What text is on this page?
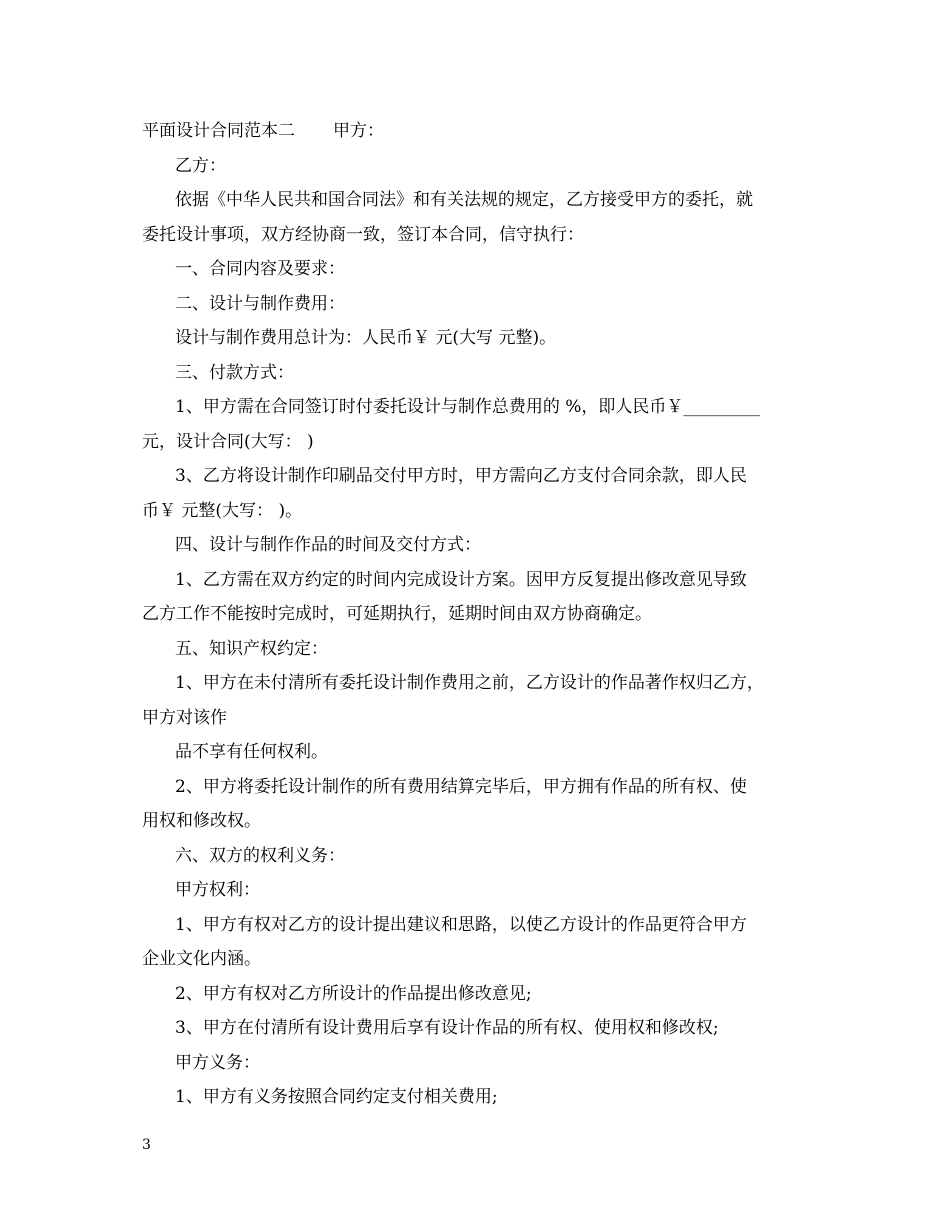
平面设计合同范本二 甲方：
乙方：
依据《中华人民共和国合同法》和有关法规的规定，乙方接受甲方的委托，就
委托设计事项，双方经协商一致，签订本合同，信守执行：
一、合同内容及要求：
二、设计与制作费用：
设计与制作费用总计为：人民币￥ 元(大写 元整)。
三、付款方式：
1、甲方需在合同签订时付委托设计与制作总费用的 %，即人民币￥_________
元，设计合同(大写： )
3、乙方将设计制作印刷品交付甲方时，甲方需向乙方支付合同余款，即人民
币￥ 元整(大写： )。
四、设计与制作作品的时间及交付方式：
1、乙方需在双方约定的时间内完成设计方案。因甲方反复提出修改意见导致
乙方工作不能按时完成时，可延期执行，延期时间由双方协商确定。
五、知识产权约定：
1、甲方在未付清所有委托设计制作费用之前，乙方设计的作品著作权归乙方，
甲方对该作
品不享有任何权利。
2、甲方将委托设计制作的所有费用结算完毕后，甲方拥有作品的所有权、使
用权和修改权。
六、双方的权利义务：
甲方权利：
1、甲方有权对乙方的设计提出建议和思路，以使乙方设计的作品更符合甲方
企业文化内涵。
2、甲方有权对乙方所设计的作品提出修改意见;
3、甲方在付清所有设计费用后享有设计作品的所有权、使用权和修改权;
甲方义务：
1、甲方有义务按照合同约定支付相关费用;
3
